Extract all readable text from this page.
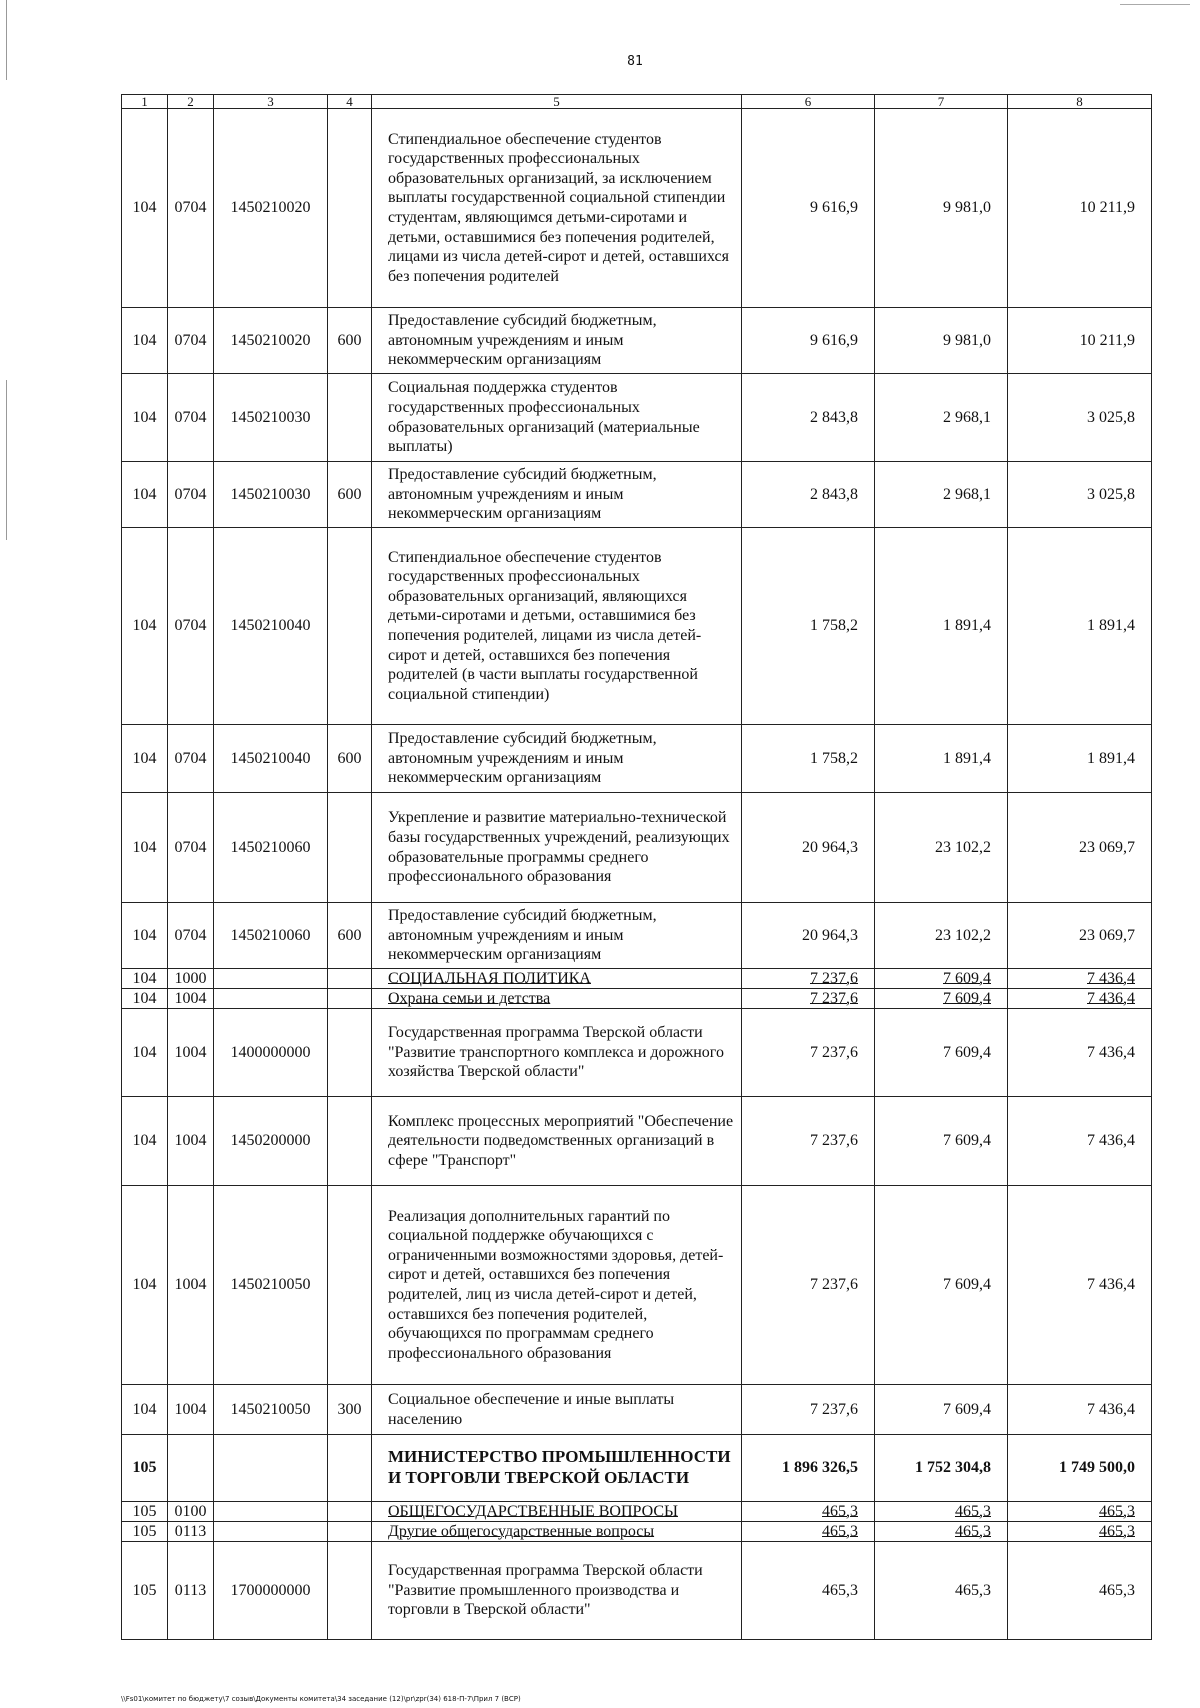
81
1	2	3	4	5	6	7	8
104	0704	1450210020		Стипендиальное обеспечение студентов государственных профессиональных образовательных организаций, за исключением выплаты государственной социальной стипендии студентам, являющимся детьми-сиротами и детьми, оставшимися без попечения родителей, лицами из числа детей-сирот и детей, оставшихся без попечения родителей	9 616,9	9 981,0	10 211,9
104	0704	1450210020	600	Предоставление субсидий бюджетным, автономным учреждениям и иным некоммерческим организациям	9 616,9	9 981,0	10 211,9
104	0704	1450210030		Социальная поддержка студентов государственных профессиональных образовательных организаций (материальные выплаты)	2 843,8	2 968,1	3 025,8
104	0704	1450210030	600	Предоставление субсидий бюджетным, автономным учреждениям и иным некоммерческим организациям	2 843,8	2 968,1	3 025,8
104	0704	1450210040		Стипендиальное обеспечение студентов государственных профессиональных образовательных организаций, являющихся детьми-сиротами и детьми, оставшимися без попечения родителей, лицами из числа детей-сирот и детей, оставшихся без попечения родителей (в части выплаты государственной социальной стипендии)	1 758,2	1 891,4	1 891,4
104	0704	1450210040	600	Предоставление субсидий бюджетным, автономным учреждениям и иным некоммерческим организациям	1 758,2	1 891,4	1 891,4
104	0704	1450210060		Укрепление и развитие материально-технической базы государственных учреждений, реализующих образовательные программы среднего профессионального образования	20 964,3	23 102,2	23 069,7
104	0704	1450210060	600	Предоставление субсидий бюджетным, автономным учреждениям и иным некоммерческим организациям	20 964,3	23 102,2	23 069,7
104	1000			СОЦИАЛЬНАЯ ПОЛИТИКА	7 237,6	7 609,4	7 436,4
104	1004			Охрана семьи и детства	7 237,6	7 609,4	7 436,4
104	1004	1400000000		Государственная программа Тверской области "Развитие транспортного комплекса и дорожного хозяйства Тверской области"	7 237,6	7 609,4	7 436,4
104	1004	1450200000		Комплекс процессных мероприятий "Обеспечение деятельности подведомственных организаций в сфере "Транспорт"	7 237,6	7 609,4	7 436,4
104	1004	1450210050		Реализация дополнительных гарантий по социальной поддержке обучающихся с ограниченными возможностями здоровья, детей-сирот и детей, оставшихся без попечения родителей, лиц из числа детей-сирот и детей, оставшихся без попечения родителей, обучающихся по программам среднего профессионального образования	7 237,6	7 609,4	7 436,4
104	1004	1450210050	300	Социальное обеспечение и иные выплаты населению	7 237,6	7 609,4	7 436,4
105				МИНИСТЕРСТВО ПРОМЫШЛЕННОСТИ И ТОРГОВЛИ ТВЕРСКОЙ ОБЛАСТИ	1 896 326,5	1 752 304,8	1 749 500,0
105	0100			ОБЩЕГОСУДАРСТВЕННЫЕ ВОПРОСЫ	465,3	465,3	465,3
105	0113			Другие общегосударственные вопросы	465,3	465,3	465,3
105	0113	1700000000		Государственная программа Тверской области "Развитие промышленного производства и торговли в Тверской области"	465,3	465,3	465,3
\\Fs01\комитет по бюджету\7 созыв\Документы комитета\34 заседание (12)\pr\zpr(34) 618-П-7\Прил 7 (ВСР)
